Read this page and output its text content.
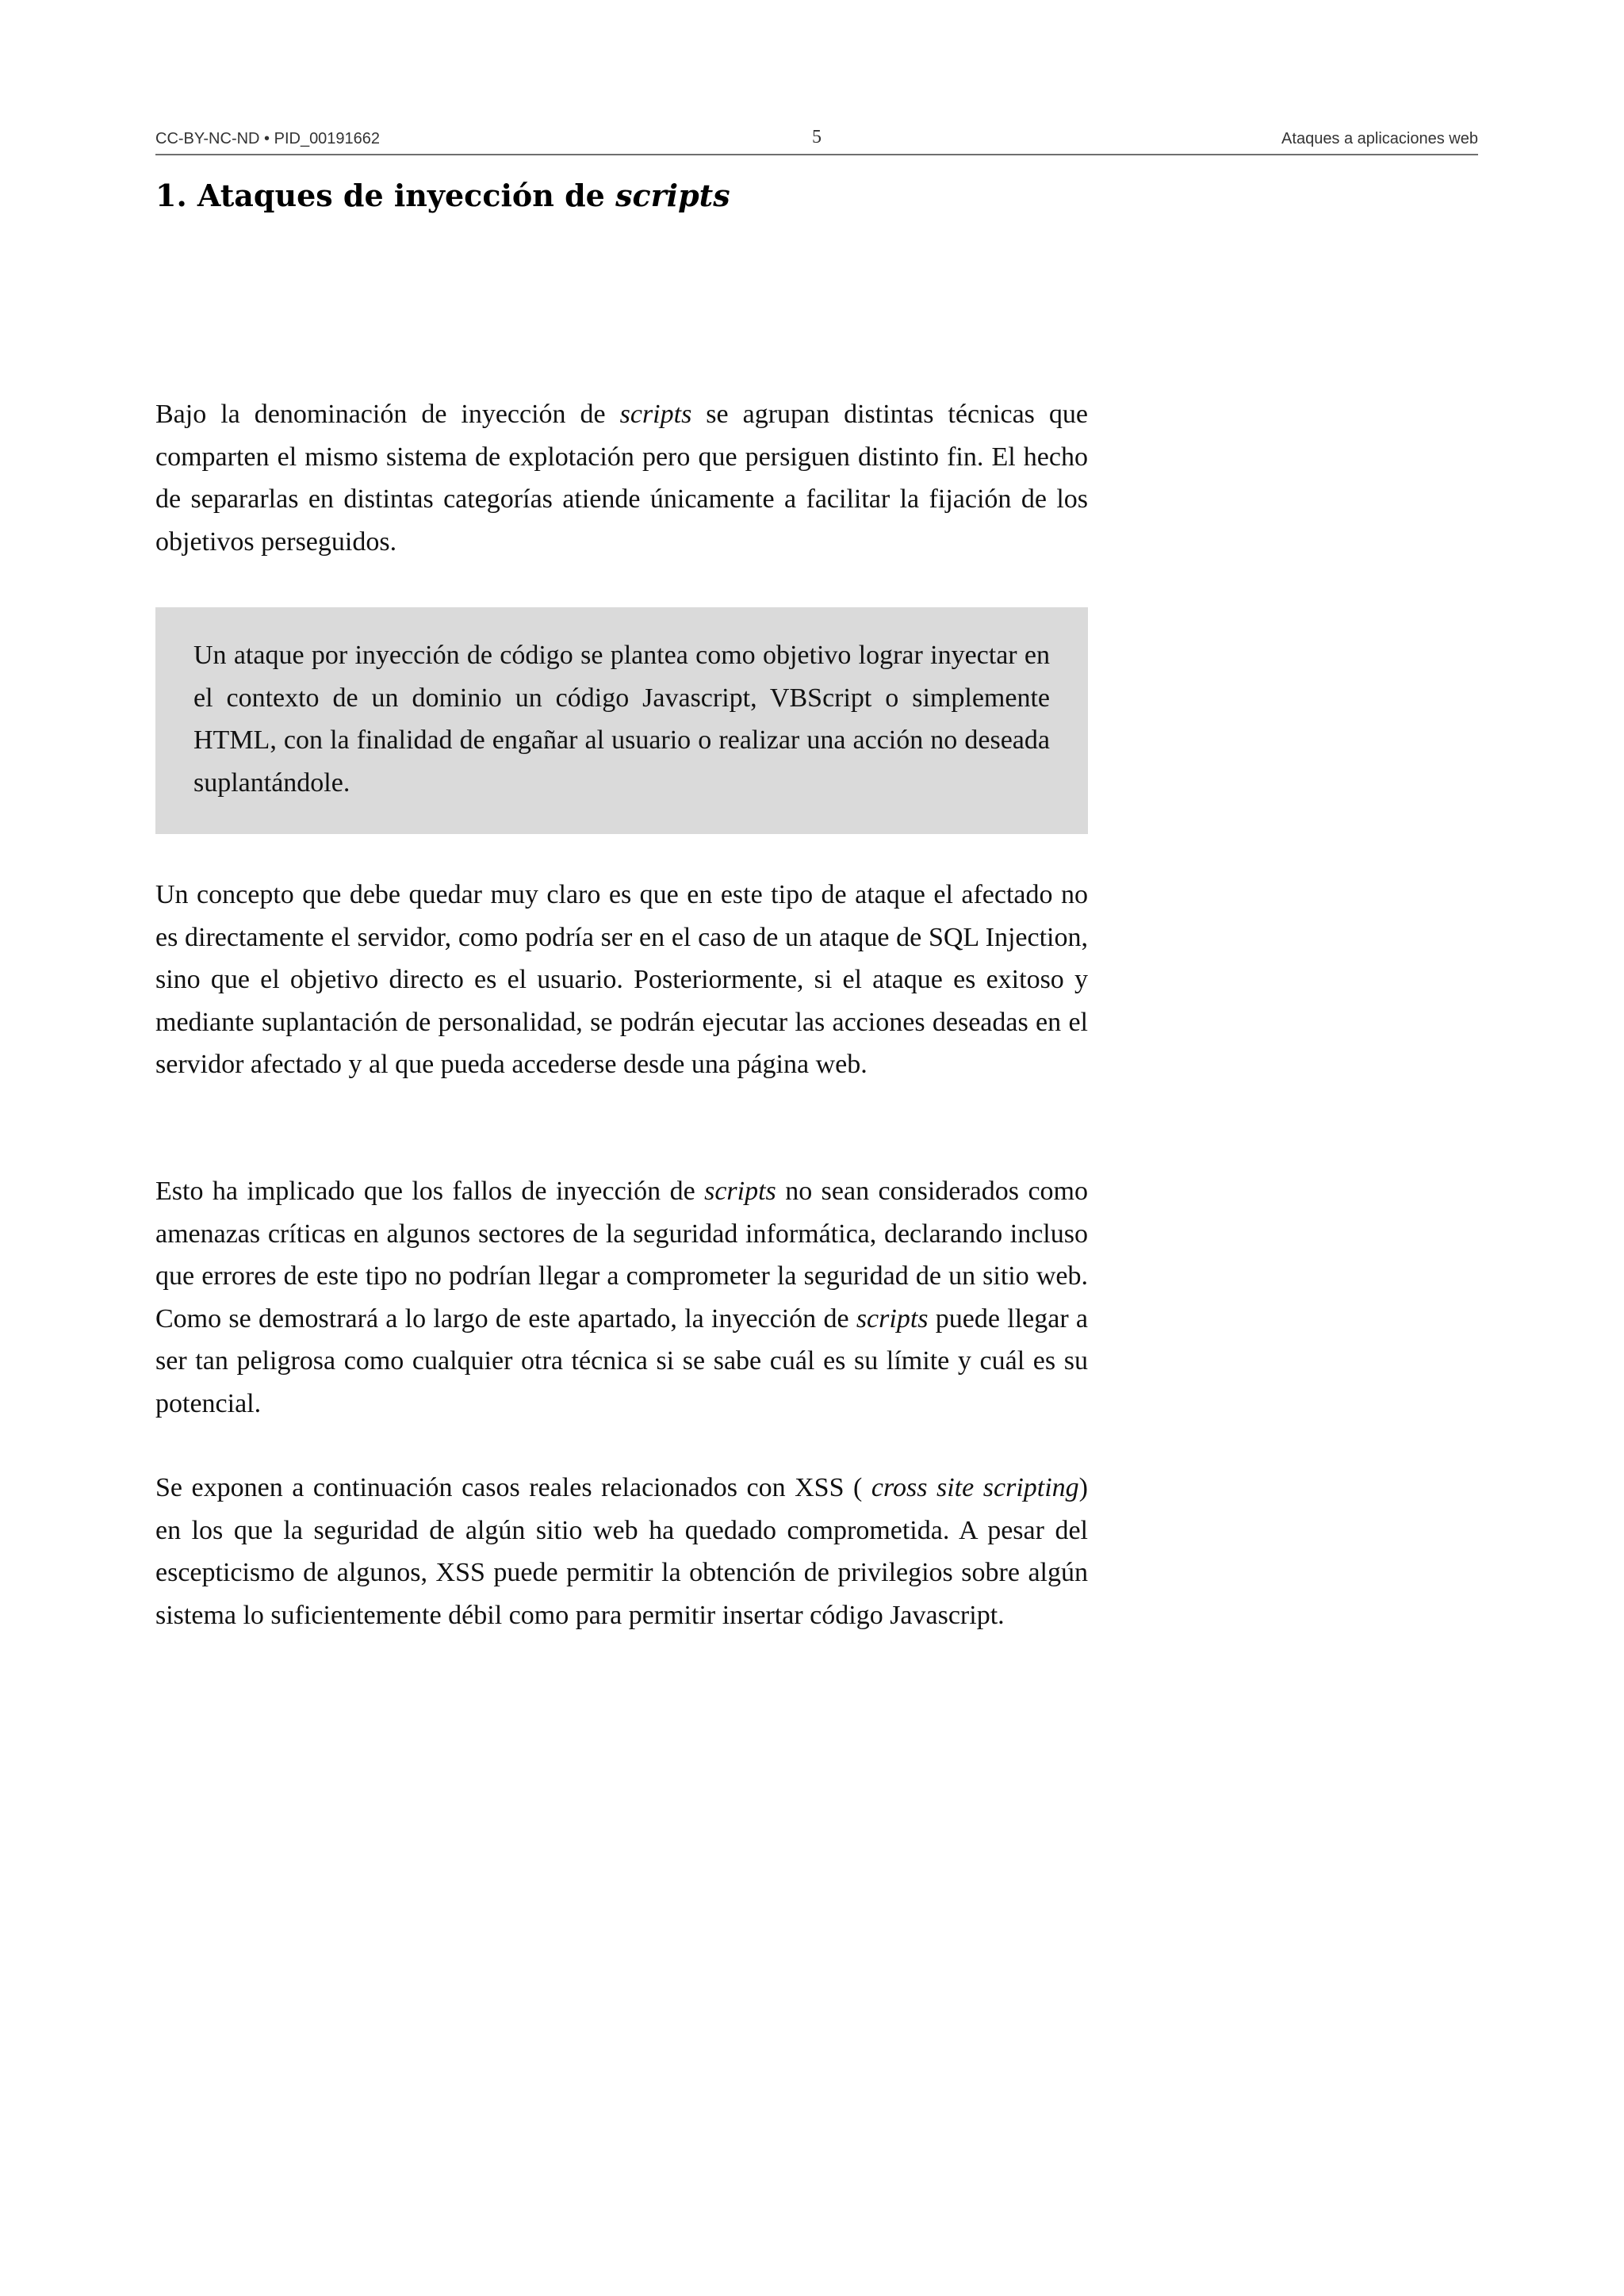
CC-BY-NC-ND • PID_00191662	5	Ataques a aplicaciones web
1. Ataques de inyección de scripts

Bajo la denominación de inyección de scripts se agrupan distintas técnicas que comparten el mismo sistema de explotación pero que persiguen distinto fin. El hecho de separarlas en distintas categorías atiende únicamente a facilitar la fijación de los objetivos perseguidos.

Un ataque por inyección de código se plantea como objetivo lograr inyectar en el contexto de un dominio un código Javascript, VBScript o simplemente HTML, con la finalidad de engañar al usuario o realizar una acción no deseada suplantándole.

Un concepto que debe quedar muy claro es que en este tipo de ataque el afectado no es directamente el servidor, como podría ser en el caso de un ataque de SQL Injection, sino que el objetivo directo es el usuario. Posteriormente, si el ataque es exitoso y mediante suplantación de personalidad, se podrán ejecutar las acciones deseadas en el servidor afectado y al que pueda accederse desde una página web.

Esto ha implicado que los fallos de inyección de scripts no sean considerados como amenazas críticas en algunos sectores de la seguridad informática, declarando incluso que errores de este tipo no podrían llegar a comprometer la seguridad de un sitio web. Como se demostrará a lo largo de este apartado, la inyección de scripts puede llegar a ser tan peligrosa como cualquier otra técnica si se sabe cuál es su límite y cuál es su potencial.

Se exponen a continuación casos reales relacionados con XSS ( cross site scripting) en los que la seguridad de algún sitio web ha quedado comprometida. A pesar del escepticismo de algunos, XSS puede permitir la obtención de privilegios sobre algún sistema lo suficientemente débil como para permitir insertar código Javascript.
